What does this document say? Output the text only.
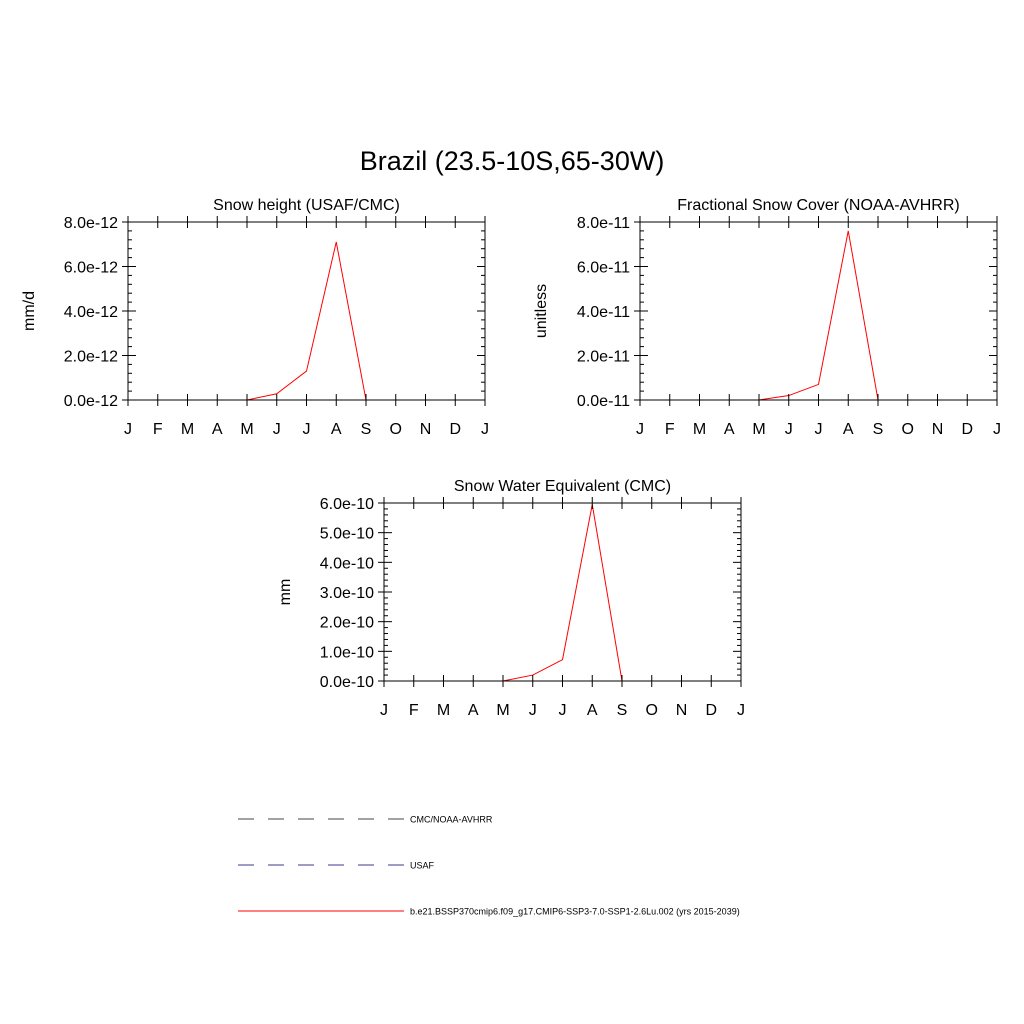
Brazil (23.5-10S,65-30W)
Snow height (USAF/CMC)
mm/d
J F M A M J J A S O N D J
0.0e-12
2.0e-12
4.0e-12
6.0e-12
8.0e-12
Fractional Snow Cover (NOAA-AVHRR)
unitless
J F M A M J J A S O N D J
0.0e-11
2.0e-11
4.0e-11
6.0e-11
8.0e-11
Snow Water Equivalent (CMC)
mm
J F M A M J J A S O N D J
0.0e-10
1.0e-10
2.0e-10
3.0e-10
4.0e-10
5.0e-10
6.0e-10
CMC/NOAA-AVHRR
USAF
b.e21.BSSP370cmip6.f09_g17.CMIP6-SSP3-7.0-SSP1-2.6Lu.002 (yrs 2015-2039)
